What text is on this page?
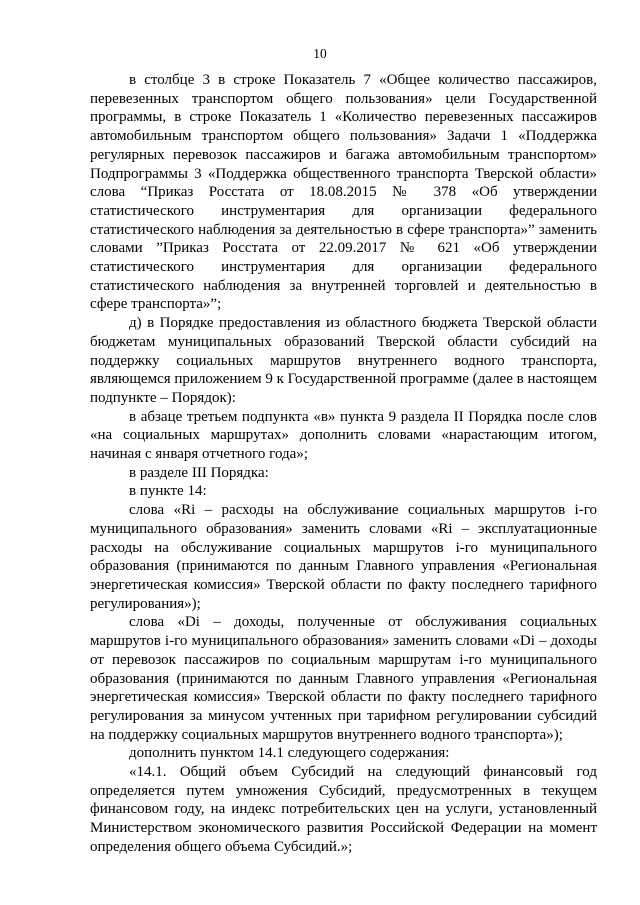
10

в столбце 3 в строке Показатель 7 «Общее количество пассажиров, перевезенных транспортом общего пользования» цели Государственной программы, в строке Показатель 1 «Количество перевезенных пассажиров автомобильным транспортом общего пользования» Задачи 1 «Поддержка регулярных перевозок пассажиров и багажа автомобильным транспортом» Подпрограммы 3 «Поддержка общественного транспорта Тверской области» слова “Приказ Росстата от 18.08.2015 № 378 «Об утверждении статистического инструментария для организации федерального статистического наблюдения за деятельностью в сфере транспорта»” заменить словами ”Приказ Росстата от 22.09.2017 № 621 «Об утверждении статистического инструментария для организации федерального статистического наблюдения за внутренней торговлей и деятельностью в сфере транспорта»”;

д) в Порядке предоставления из областного бюджета Тверской области бюджетам муниципальных образований Тверской области субсидий на поддержку социальных маршрутов внутреннего водного транспорта, являющемся приложением 9 к Государственной программе (далее в настоящем подпункте – Порядок):

в абзаце третьем подпункта «в» пункта 9 раздела II Порядка после слов «на социальных маршрутах» дополнить словами «нарастающим итогом, начиная с января отчетного года»;

в разделе III Порядка:

в пункте 14:

слова «Ri – расходы на обслуживание социальных маршрутов i-го муниципального образования» заменить словами «Ri – эксплуатационные расходы на обслуживание социальных маршрутов i-го муниципального образования (принимаются по данным Главного управления «Региональная энергетическая комиссия» Тверской области по факту последнего тарифного регулирования»);

слова «Di – доходы, полученные от обслуживания социальных маршрутов i-го муниципального образования» заменить словами «Di – доходы от перевозок пассажиров по социальным маршрутам i-го муниципального образования (принимаются по данным Главного управления «Региональная энергетическая комиссия» Тверской области по факту последнего тарифного регулирования за минусом учтенных при тарифном регулировании субсидий на поддержку социальных маршрутов внутреннего водного транспорта»);

дополнить пунктом 14.1 следующего содержания:

«14.1. Общий объем Субсидий на следующий финансовый год определяется путем умножения Субсидий, предусмотренных в текущем финансовом году, на индекс потребительских цен на услуги, установленный Министерством экономического развития Российской Федерации на момент определения общего объема Субсидий.»;
